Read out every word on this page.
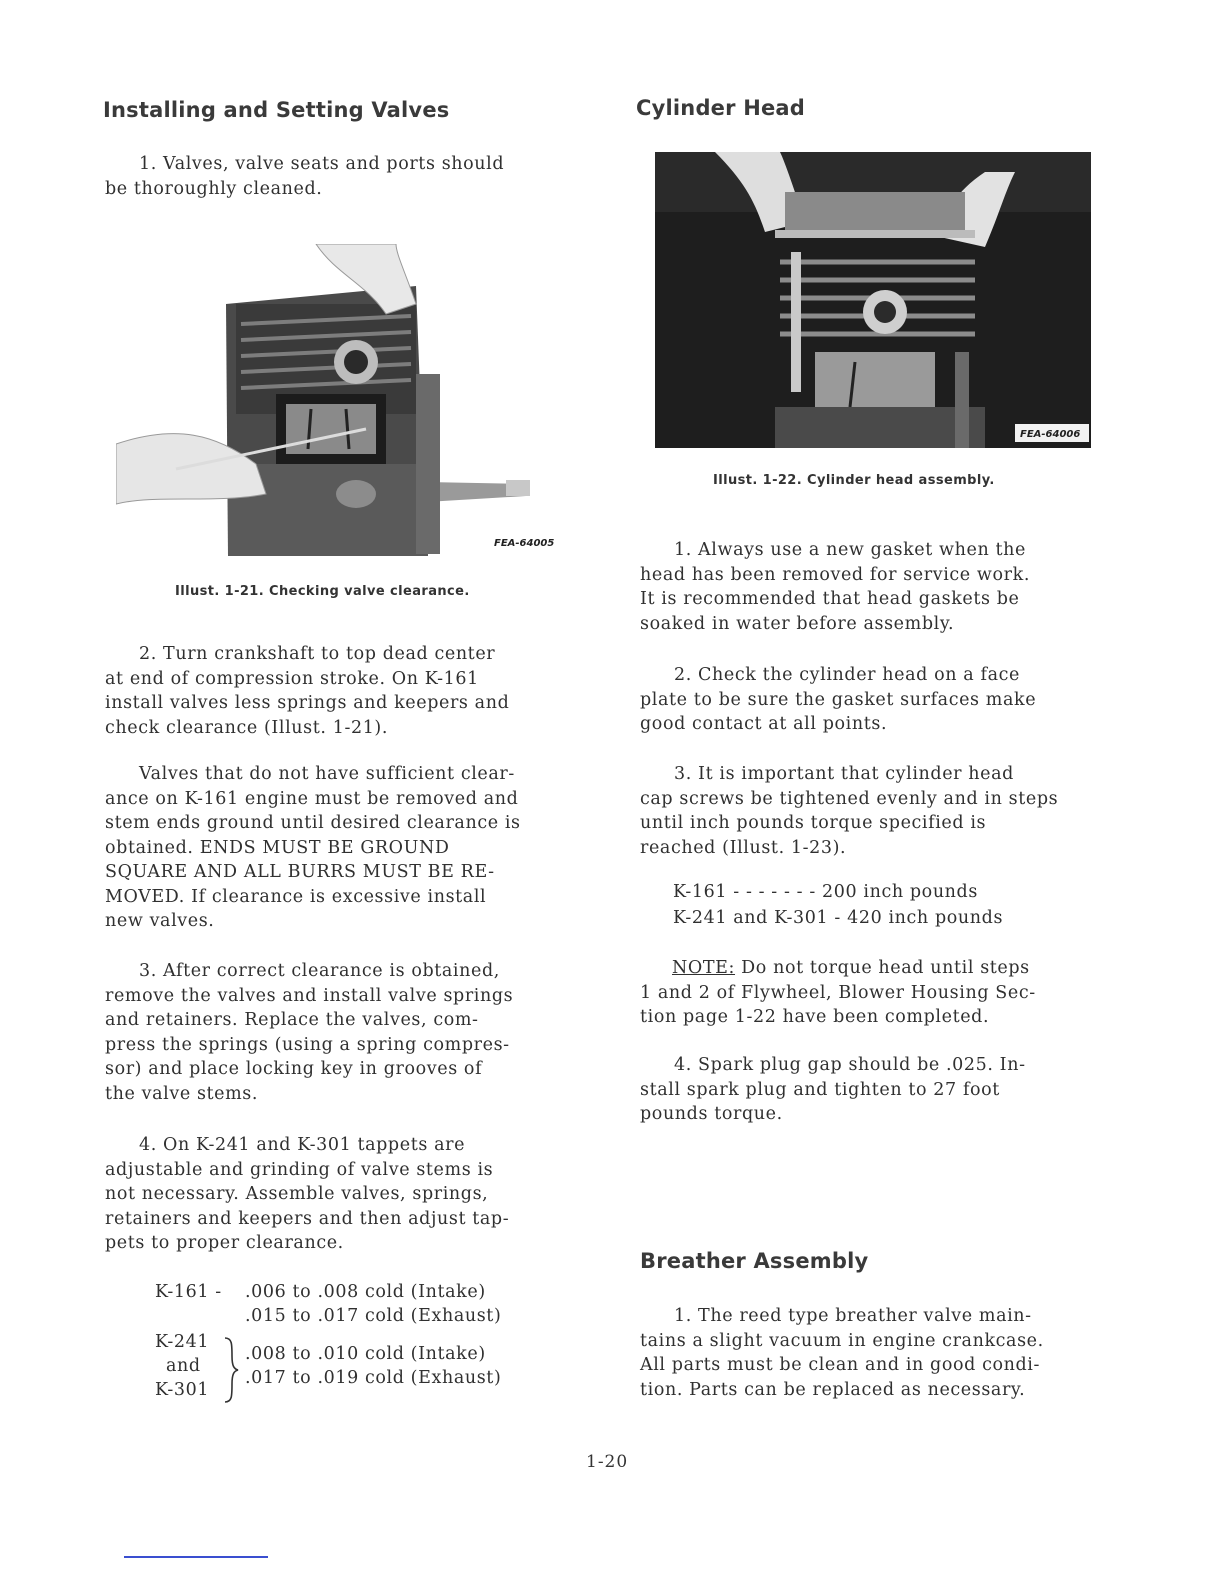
Installing and Setting Valves

1. Valves, valve seats and ports should
be thoroughly cleaned.

FEA-64005

Illust. 1-21. Checking valve clearance.

2. Turn crankshaft to top dead center
at end of compression stroke. On K-161
install valves less springs and keepers and
check clearance (Illust. 1-21).

Valves that do not have sufficient clear-
ance on K-161 engine must be removed and
stem ends ground until desired clearance is
obtained. ENDS MUST BE GROUND
SQUARE AND ALL BURRS MUST BE RE-
MOVED. If clearance is excessive install
new valves.

3. After correct clearance is obtained,
remove the valves and install valve springs
and retainers. Replace the valves, com-
press the springs (using a spring compres-
sor) and place locking key in grooves of
the valve stems.

4. On K-241 and K-301 tappets are
adjustable and grinding of valve stems is
not necessary. Assemble valves, springs,
retainers and keepers and then adjust tap-
pets to proper clearance.

K-161 - .006 to .008 cold (Intake)
.015 to .017 cold (Exhaust)
K-241
and
K-301
.008 to .010 cold (Intake)
.017 to .019 cold (Exhaust)
Cylinder Head
FEA-64006

Illust. 1-22. Cylinder head assembly.

1. Always use a new gasket when the
head has been removed for service work.
It is recommended that head gaskets be
soaked in water before assembly.

2. Check the cylinder head on a face
plate to be sure the gasket surfaces make
good contact at all points.

3. It is important that cylinder head
cap screws be tightened evenly and in steps
until inch pounds torque specified is
reached (Illust. 1-23).

K-161 - - - - - - - 200 inch pounds
K-241 and K-301 - 420 inch pounds

NOTE: Do not torque head until steps
1 and 2 of Flywheel, Blower Housing Sec-
tion page 1-22 have been completed.

4. Spark plug gap should be .025. In-
stall spark plug and tighten to 27 foot
pounds torque.

Breather Assembly

1. The reed type breather valve main-
tains a slight vacuum in engine crankcase.
All parts must be clean and in good condi-
tion. Parts can be replaced as necessary.

1-20
